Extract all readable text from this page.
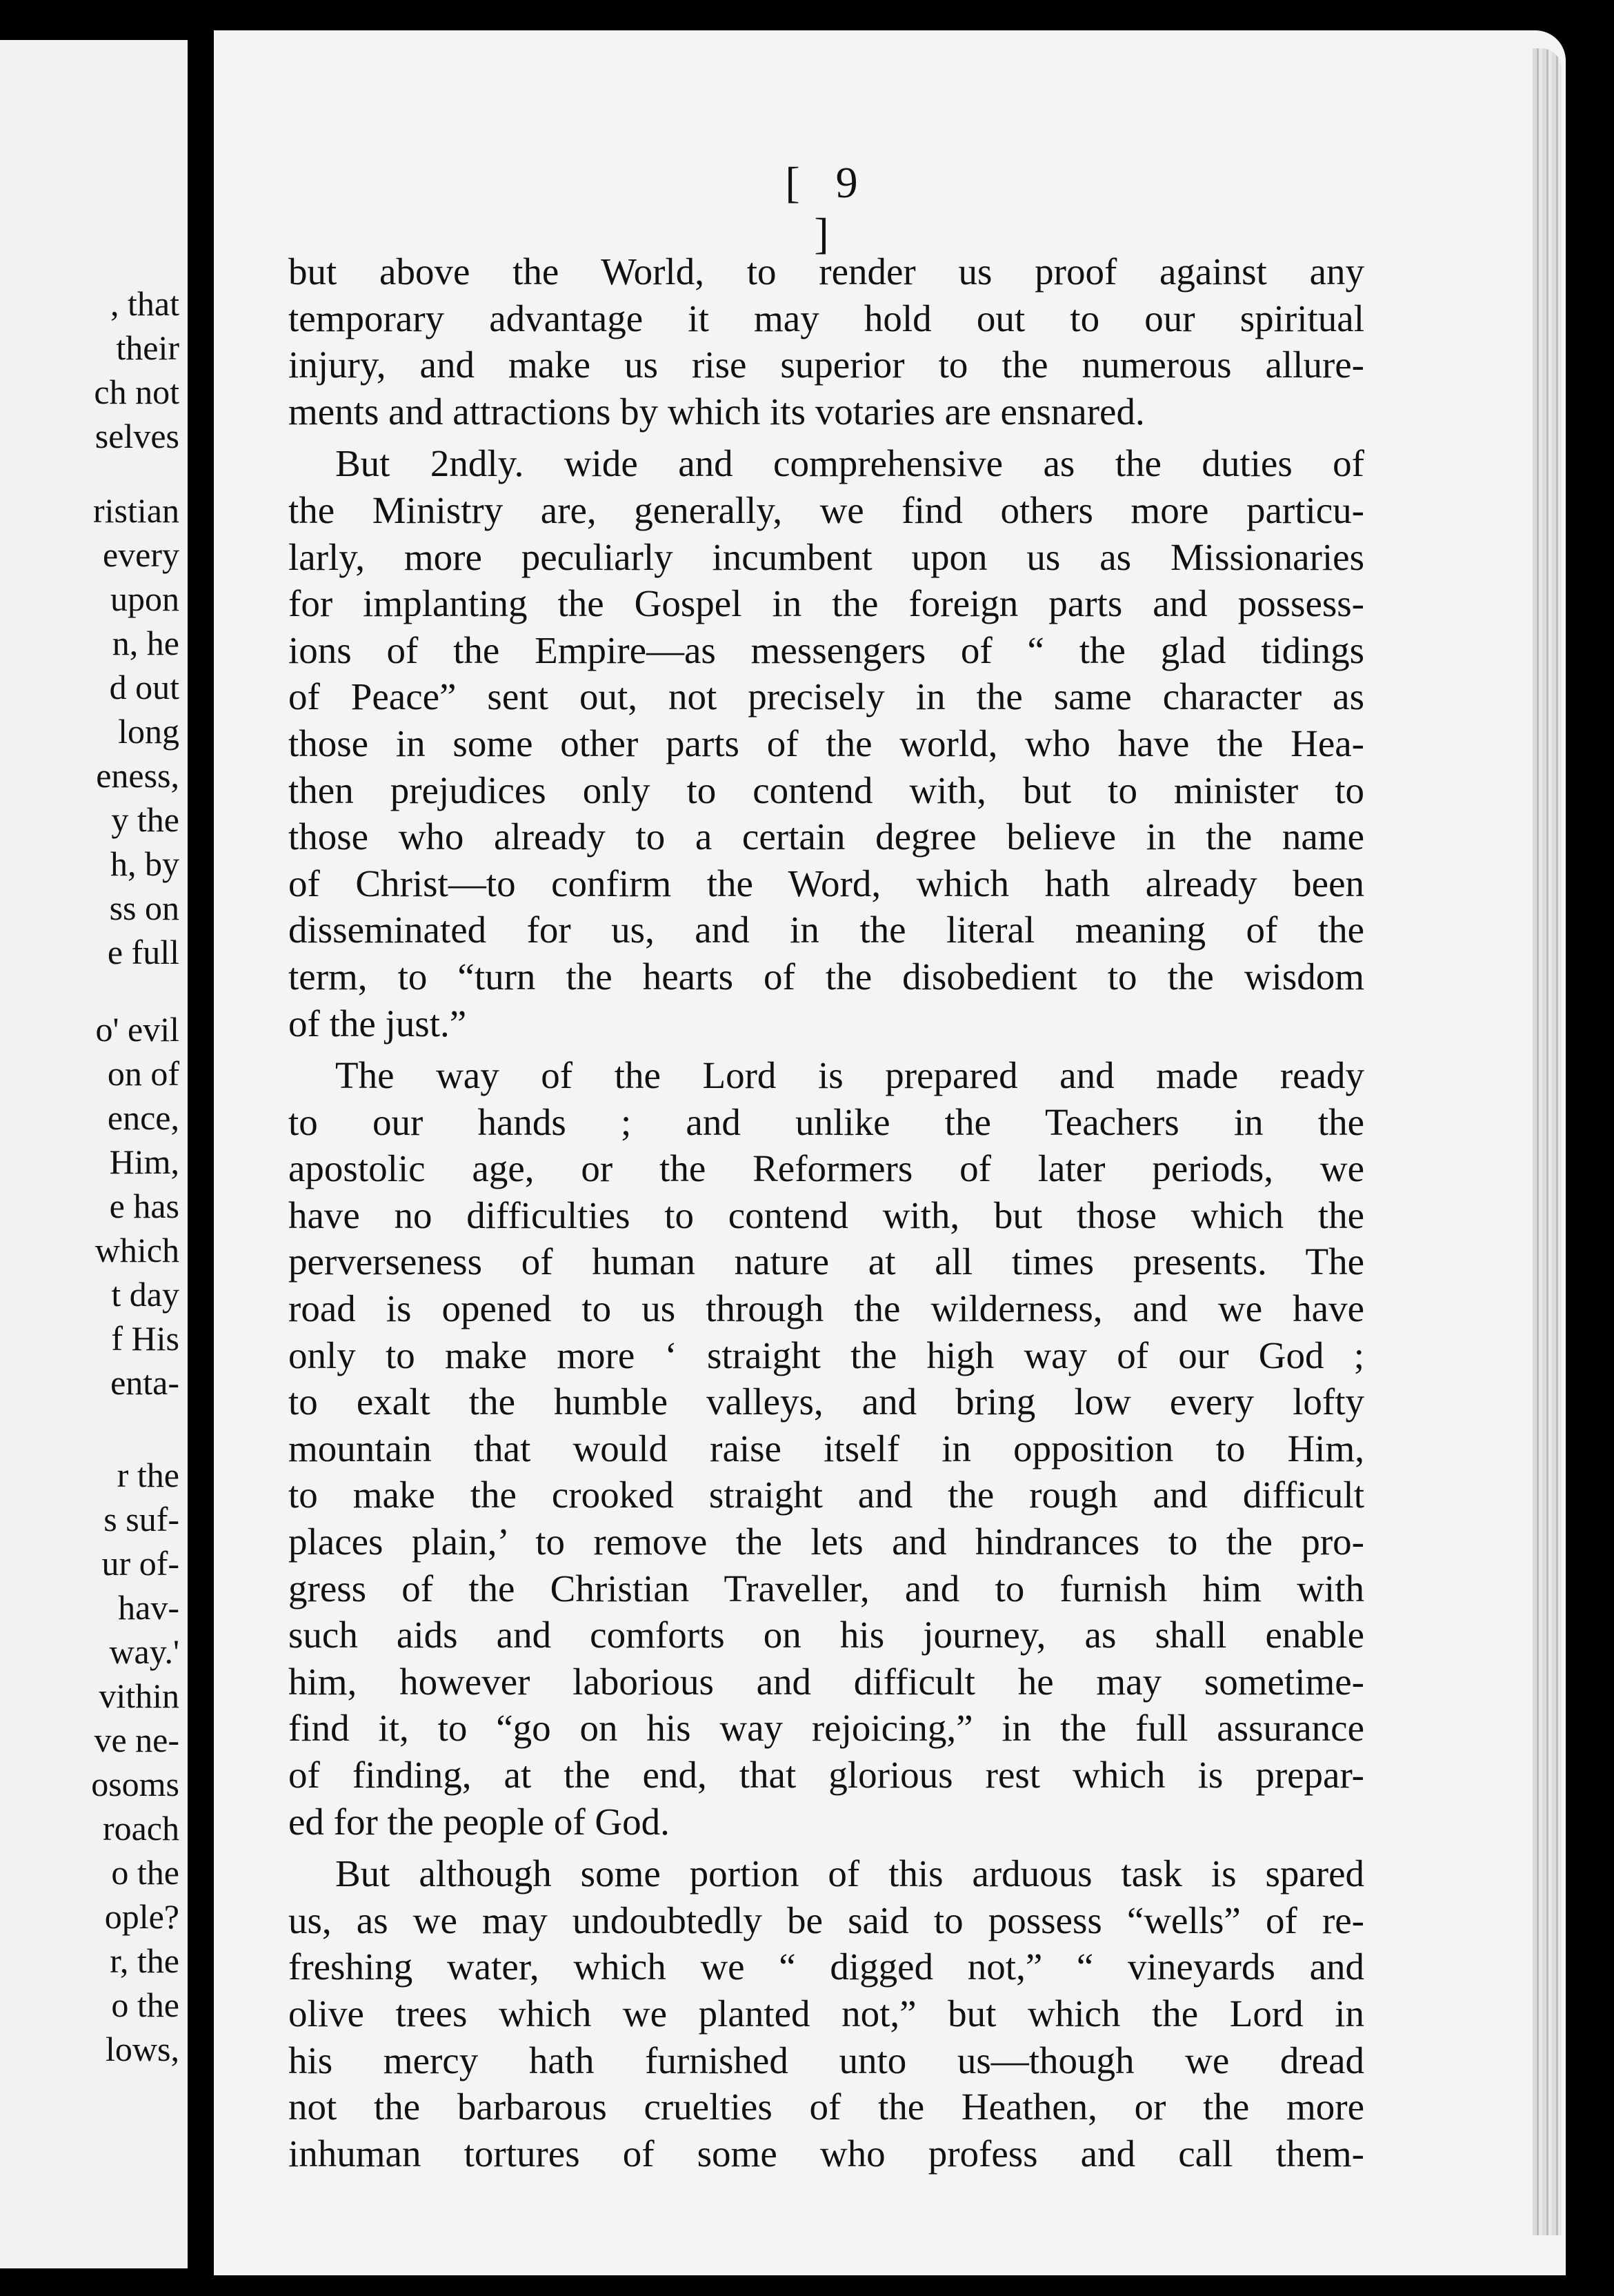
, that
their
ch not
selves
ristian
every
upon
n, he
d out
long
eness,
y the
h, by
ss on
e full
o' evil
on of
ence,
Him,
e has
which
t day
f His
enta-
r the
s suf-
ur of-
hav-
way.'
vithin
ve ne-
osoms
roach
o the
ople?
r, the
o the
lows,
[ 9 ]
but above the World, to render us proof against any
temporary advantage it may hold out to our spiritual
injury, and make us rise superior to the numerous allure-
ments and attractions by which its votaries are ensnared.
But 2ndly. wide and comprehensive as the duties of
the Ministry are, generally, we find others more particu-
larly, more peculiarly incumbent upon us as Missionaries
for implanting the Gospel in the foreign parts and possess-
ions of the Empire—as messengers of “ the glad tidings
of Peace” sent out, not precisely in the same character as
those in some other parts of the world, who have the Hea-
then prejudices only to contend with, but to minister to
those who already to a certain degree believe in the name
of Christ—to confirm the Word, which hath already been
disseminated for us, and in the literal meaning of the
term, to “turn the hearts of the disobedient to the wisdom
of the just.”
The way of the Lord is prepared and made ready
to our hands ; and unlike the Teachers in the
apostolic age, or the Reformers of later periods, we
have no difficulties to contend with, but those which the
perverseness of human nature at all times presents. The
road is opened to us through the wilderness, and we have
only to make more ‘ straight the high way of our God ;
to exalt the humble valleys, and bring low every lofty
mountain that would raise itself in opposition to Him,
to make the crooked straight and the rough and difficult
places plain,’ to remove the lets and hindrances to the pro-
gress of the Christian Traveller, and to furnish him with
such aids and comforts on his journey, as shall enable
him, however laborious and difficult he may sometime-
find it, to “go on his way rejoicing,” in the full assurance
of finding, at the end, that glorious rest which is prepar-
ed for the people of God.
But although some portion of this arduous task is spared
us, as we may undoubtedly be said to possess “wells” of re-
freshing water, which we “ digged not,” “ vineyards and
olive trees which we planted not,” but which the Lord in
his mercy hath furnished unto us—though we dread
not the barbarous cruelties of the Heathen, or the more
inhuman tortures of some who profess and call them-
